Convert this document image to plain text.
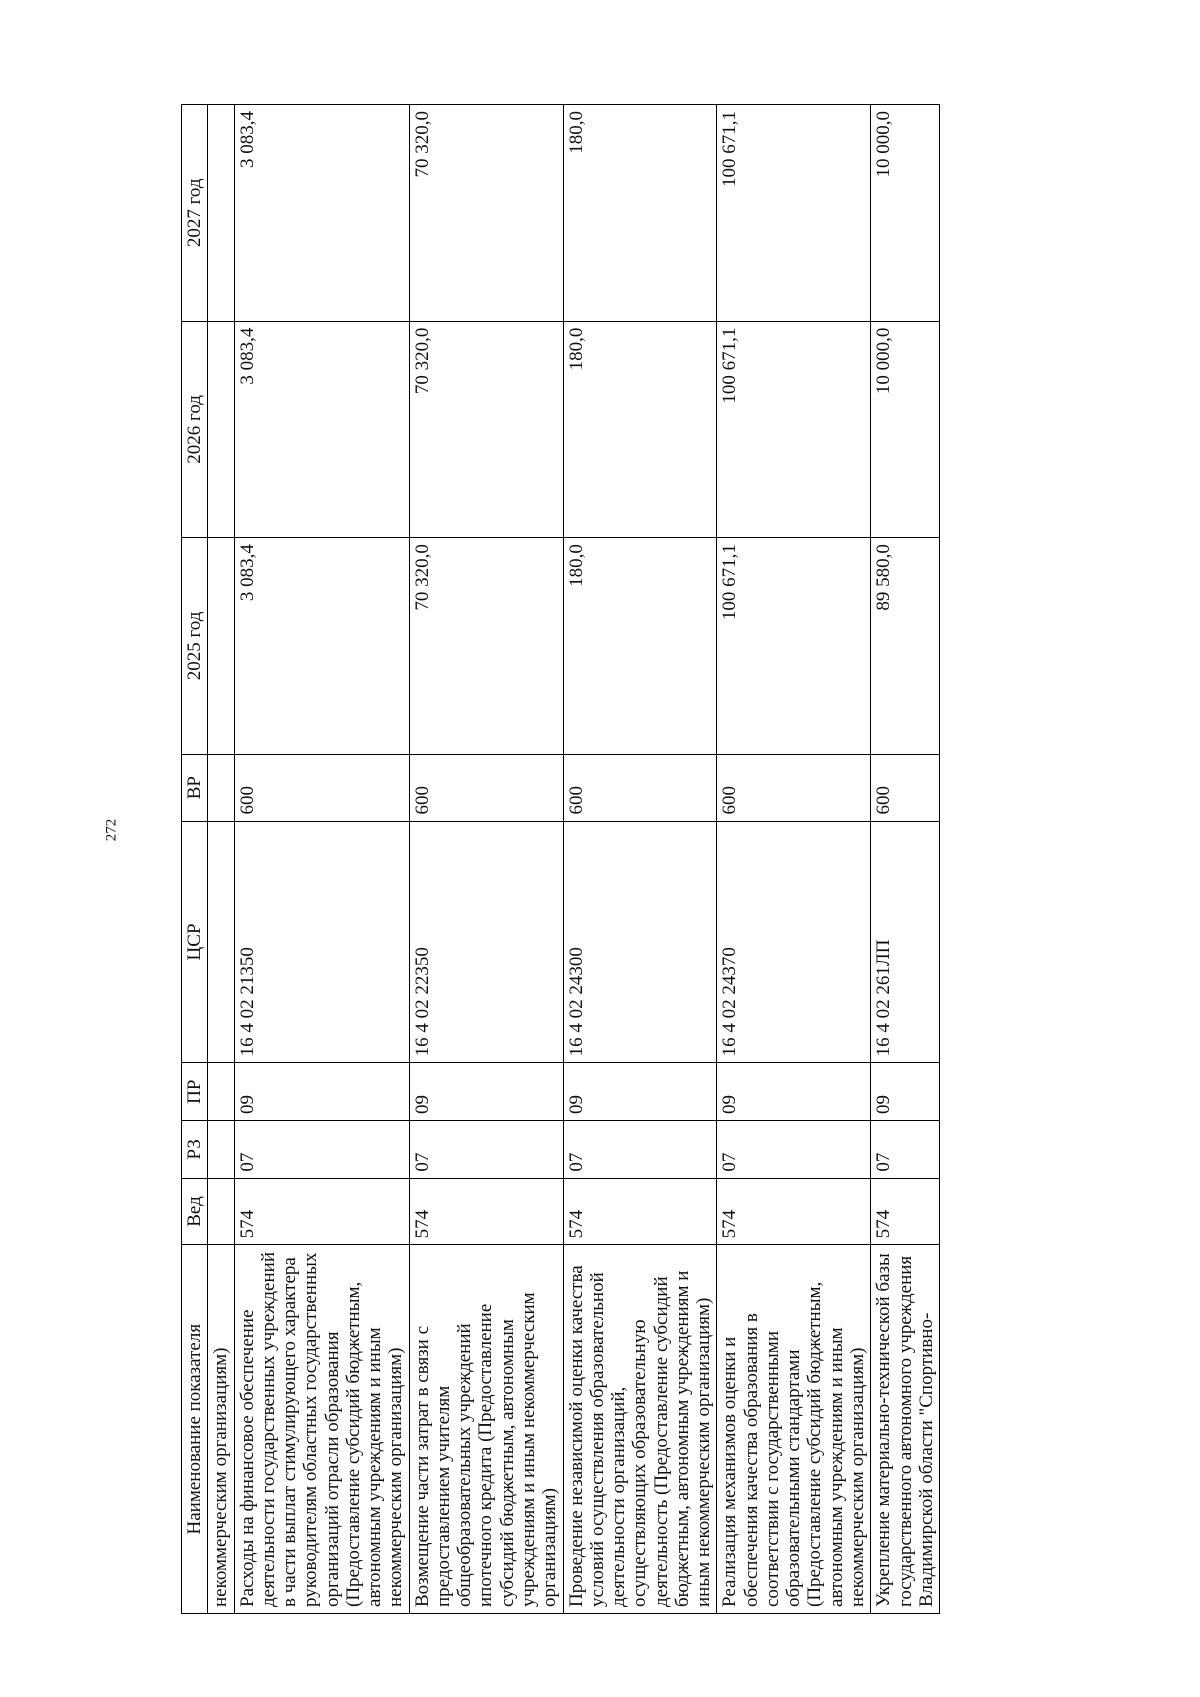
272
Наименование показателя	Вед	РЗ	ПР	ЦСР	ВР	2025 год	2026 год	2027 год
некоммерческим организациям)								
Расходы на финансовое обеспечение деятельности государственных учреждений в части выплат стимулирующего характера руководителям областных государственных организаций отрасли образования (Предоставление субсидий бюджетным, автономным учреждениям и иным некоммерческим организациям)	574	07	09	16 4 02 21350	600	3 083,4	3 083,4	3 083,4
Возмещение части затрат в связи с предоставлением учителям общеобразовательных учреждений ипотечного кредита (Предоставление субсидий бюджетным, автономным учреждениям и иным некоммерческим организациям)	574	07	09	16 4 02 22350	600	70 320,0	70 320,0	70 320,0
Проведение независимой оценки качества условий осуществления образовательной деятельности организаций, осуществляющих образовательную деятельность (Предоставление субсидий бюджетным, автономным учреждениям и иным некоммерческим организациям)	574	07	09	16 4 02 24300	600	180,0	180,0	180,0
Реализация механизмов оценки и обеспечения качества образования в соответствии с государственными образовательными стандартами (Предоставление субсидий бюджетным, автономным учреждениям и иным некоммерческим организациям)	574	07	09	16 4 02 24370	600	100 671,1	100 671,1	100 671,1
Укрепление материально-технической базы государственного автономного учреждения Владимирской области "Спортивно-	574	07	09	16 4 02 261ЛП	600	89 580,0	10 000,0	10 000,0
